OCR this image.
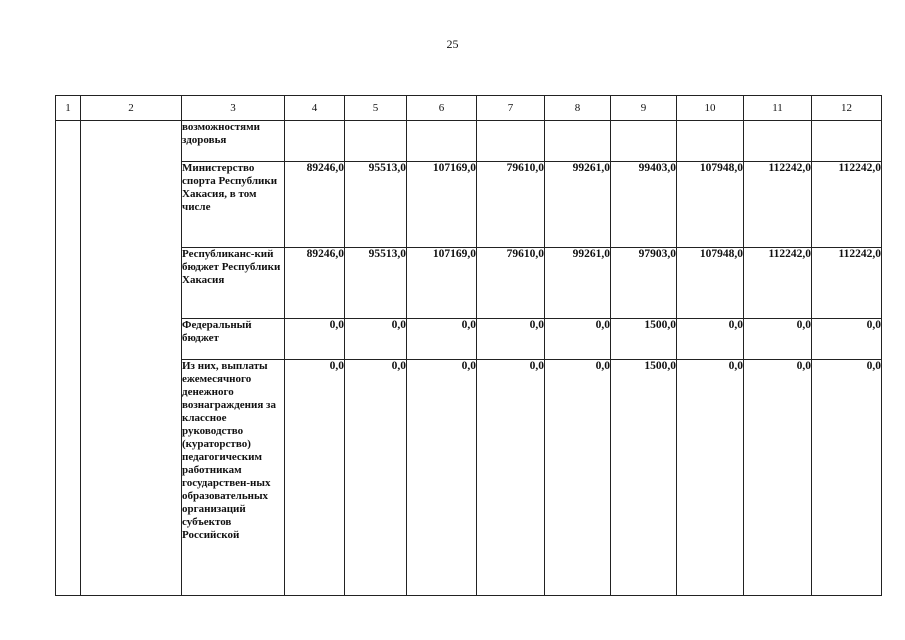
25
1	2	3	4	5	6	7	8	9	10	11	12
		возможностями здоровья									
		Министерство спорта Республики Хакасия, в том числе	89246,0	95513,0	107169,0	79610,0	99261,0	99403,0	107948,0	112242,0	112242,0
		Республиканс-кий бюджет Республики Хакасия	89246,0	95513,0	107169,0	79610,0	99261,0	97903,0	107948,0	112242,0	112242,0
		Федеральный бюджет	0,0	0,0	0,0	0,0	0,0	1500,0	0,0	0,0	0,0
		Из них, выплаты ежемесячного денежного вознаграждения за классное руководство (кураторство) педагогическим работникам государствен-ных образовательных организаций субъектов Российской	0,0	0,0	0,0	0,0	0,0	1500,0	0,0	0,0	0,0
